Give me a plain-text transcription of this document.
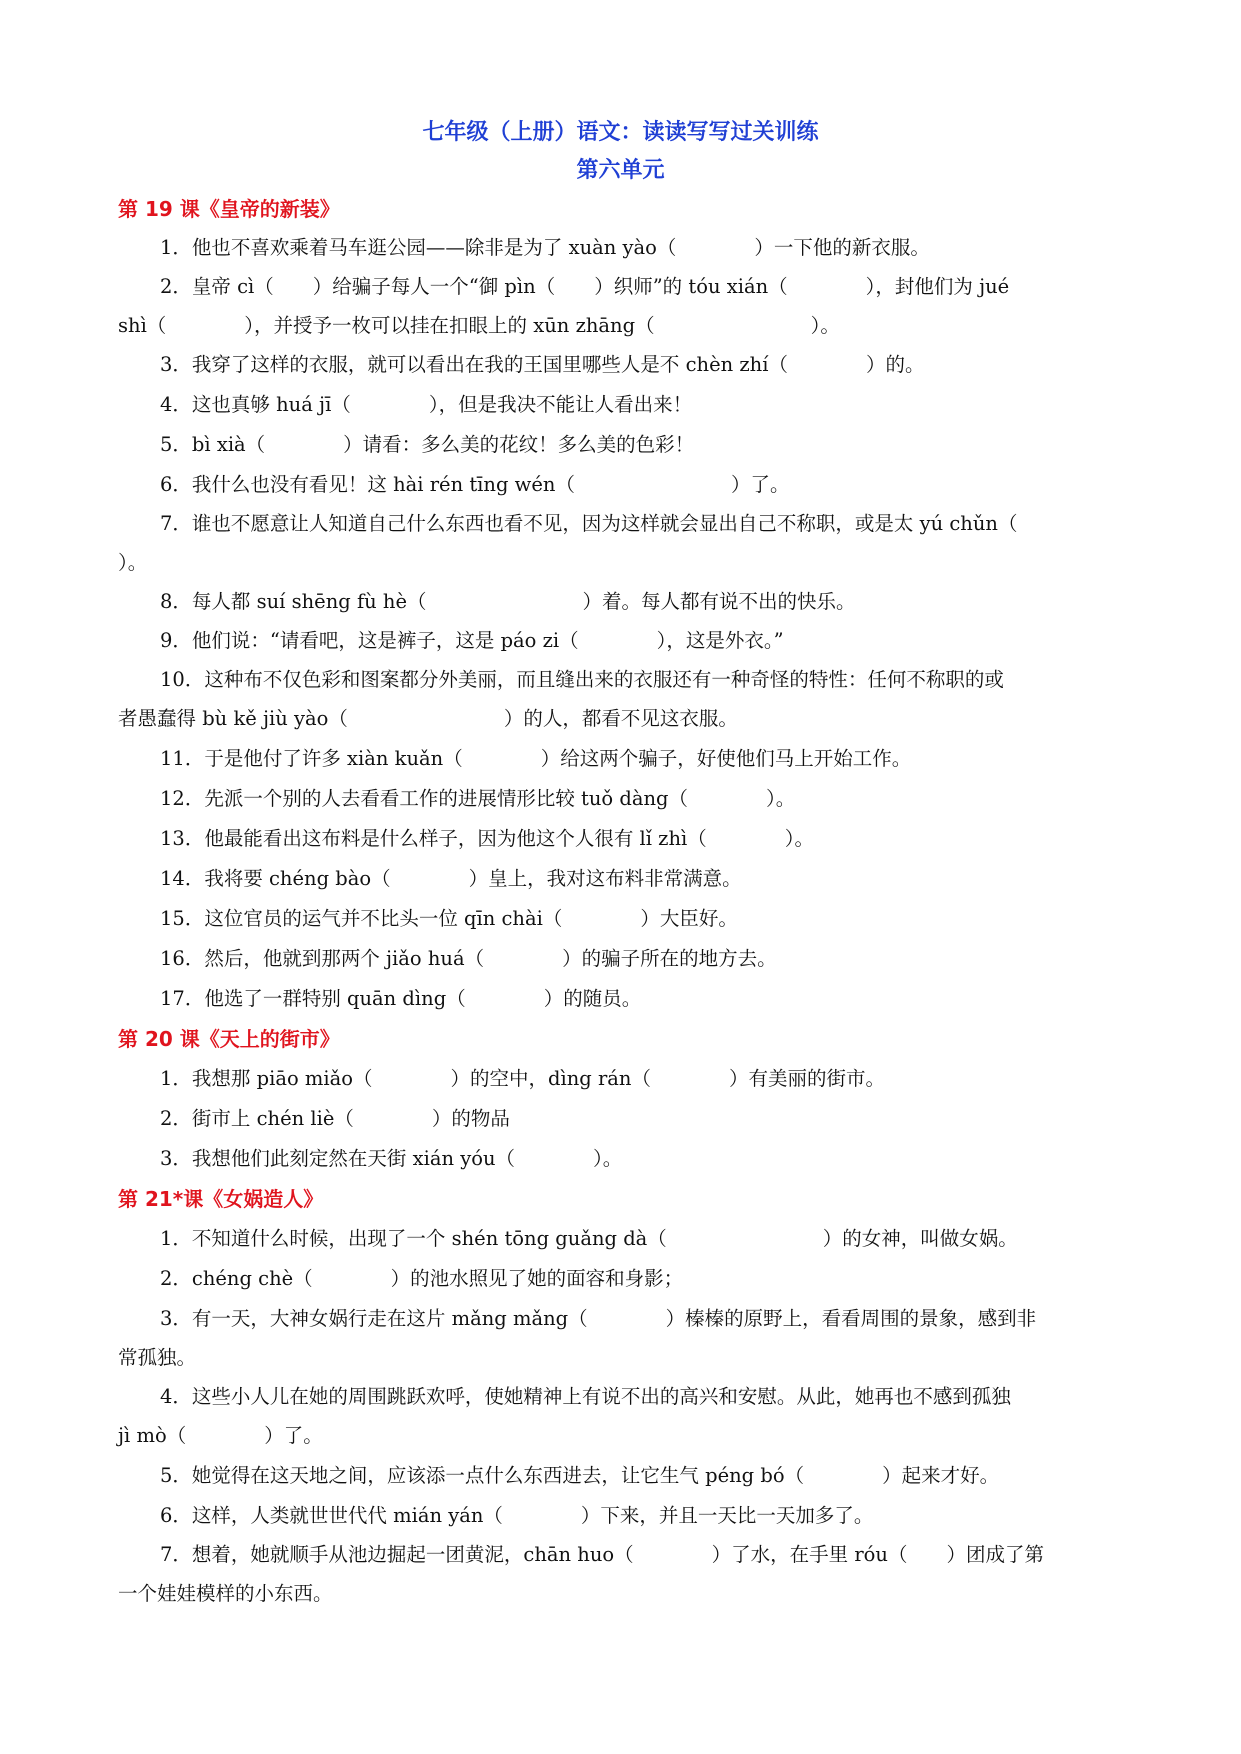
七年级（上册）语文：读读写写过关训练
第六单元
第 19 课《皇帝的新装》
1．他也不喜欢乘着马车逛公园——除非是为了 xuàn yào（　　　　）一下他的新衣服。
2．皇帝 cì（　　）给骗子每人一个“御 pìn（　　）织师”的 tóu xián（　　　　），封他们为 jué
shì（　　　　），并授予一枚可以挂在扣眼上的 xūn zhāng（　　　　　　　　）。
3．我穿了这样的衣服，就可以看出在我的王国里哪些人是不 chèn zhí（　　　　）的。
4．这也真够 huá jī（　　　　），但是我决不能让人看出来！
5．bì xià（　　　　）请看：多么美的花纹！多么美的色彩！
6．我什么也没有看见！这 hài rén tīng wén（　　　　　　　　）了。
7．谁也不愿意让人知道自己什么东西也看不见，因为这样就会显出自己不称职，或是太 yú chǔn（
）。
8．每人都 suí shēng fù hè（　　　　　　　　）着。每人都有说不出的快乐。
9．他们说：“请看吧，这是裤子，这是 páo zi（　　　　），这是外衣。”
10．这种布不仅色彩和图案都分外美丽，而且缝出来的衣服还有一种奇怪的特性：任何不称职的或
者愚蠢得 bù kě jiù yào（　　　　　　　　）的人，都看不见这衣服。
11．于是他付了许多 xiàn kuǎn（　　　　）给这两个骗子，好使他们马上开始工作。
12．先派一个别的人去看看工作的进展情形比较 tuǒ dàng（　　　　）。
13．他最能看出这布料是什么样子，因为他这个人很有 lǐ zhì（　　　　）。
14．我将要 chéng bào（　　　　）皇上，我对这布料非常满意。
15．这位官员的运气并不比头一位 qīn chài（　　　　）大臣好。
16．然后，他就到那两个 jiǎo huá（　　　　）的骗子所在的地方去。
17．他选了一群特别 quān dìng（　　　　）的随员。
第 20 课《天上的街市》
1．我想那 piāo miǎo（　　　　）的空中，dìng rán（　　　　）有美丽的街市。
2．街市上 chén liè（　　　　）的物品
3．我想他们此刻定然在天街 xián yóu（　　　　）。
第 21*课《女娲造人》
1．不知道什么时候，出现了一个 shén tōng guǎng dà（　　　　　　　　）的女神，叫做女娲。
2．chéng chè（　　　　）的池水照见了她的面容和身影；
3．有一天，大神女娲行走在这片 mǎng mǎng（　　　　）榛榛的原野上，看看周围的景象，感到非
常孤独。
4．这些小人儿在她的周围跳跃欢呼，使她精神上有说不出的高兴和安慰。从此，她再也不感到孤独
jì mò（　　　　）了。
5．她觉得在这天地之间，应该添一点什么东西进去，让它生气 péng bó（　　　　）起来才好。
6．这样，人类就世世代代 mián yán（　　　　）下来，并且一天比一天加多了。
7．想着，她就顺手从池边掘起一团黄泥，chān huo（　　　　）了水，在手里 róu（　　）团成了第
一个娃娃模样的小东西。
